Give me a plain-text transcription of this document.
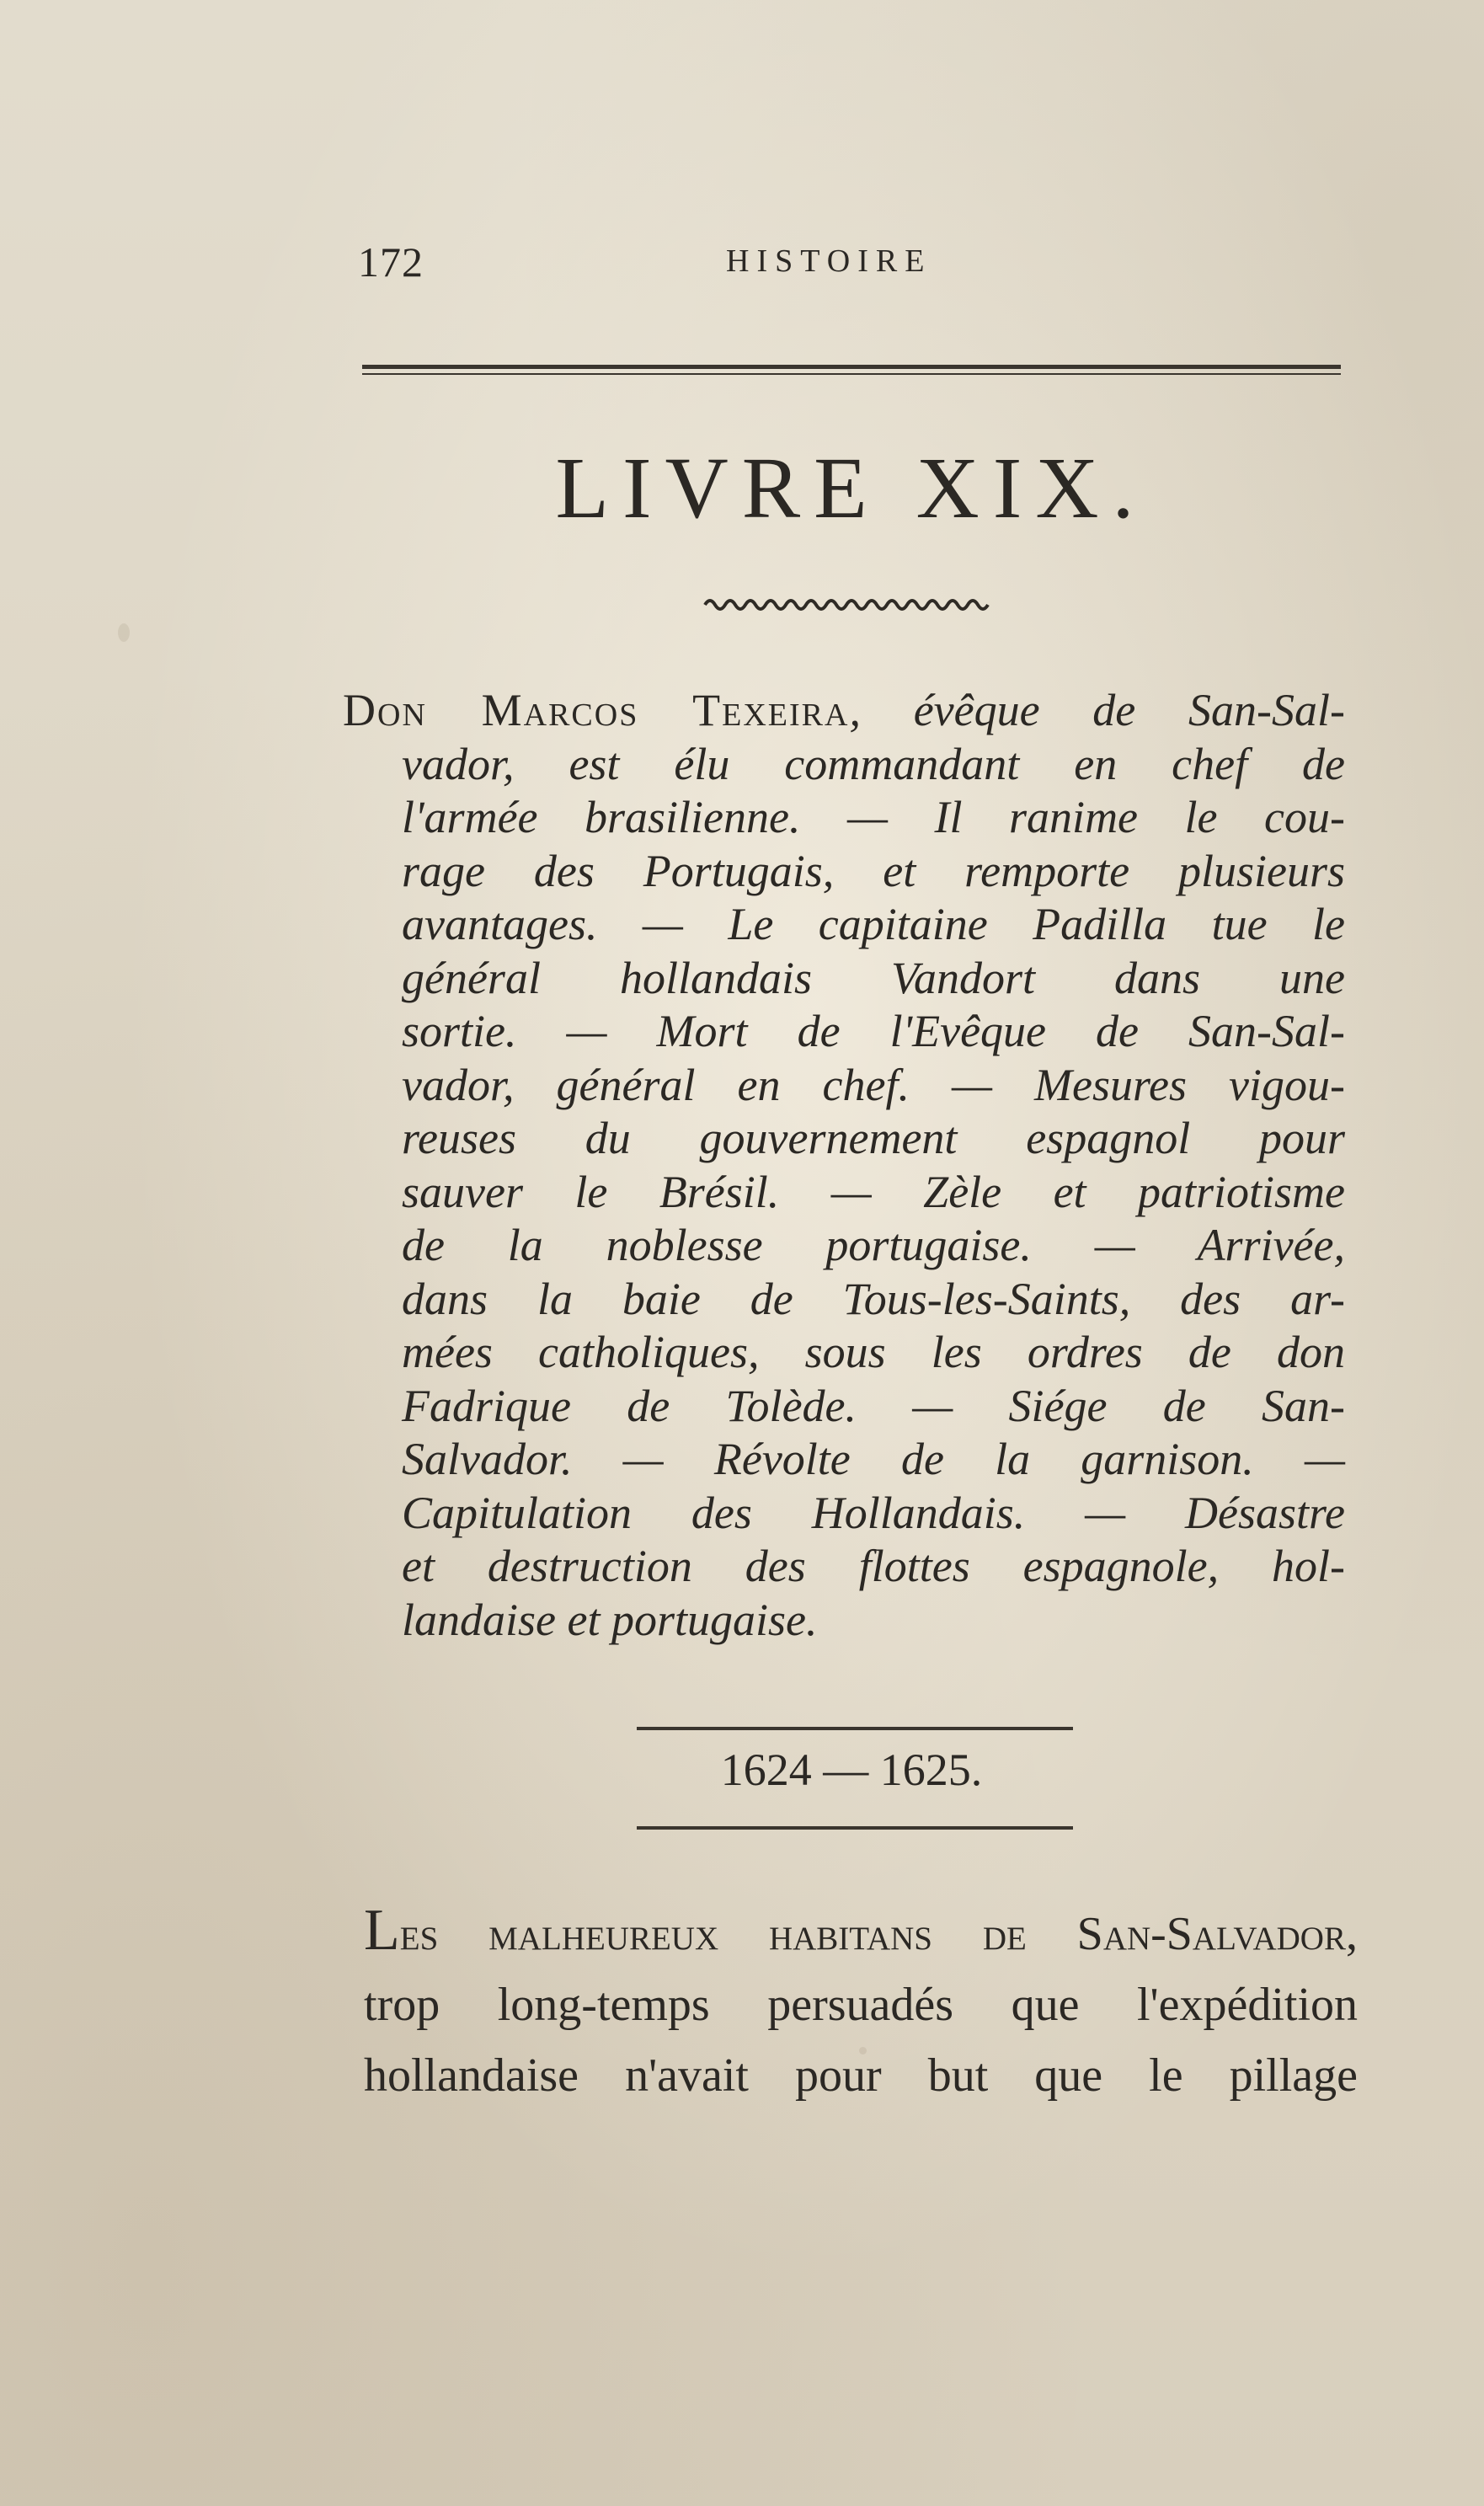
172	HISTOIRE
LIVRE XIX.
Don Marcos Texeira, évêque de San-Sal-
vador, est élu commandant en chef de
l'armée brasilienne. — Il ranime le cou-
rage des Portugais, et remporte plusieurs
avantages. — Le capitaine Padilla tue le
général hollandais Vandort dans une
sortie. — Mort de l'Evêque de San-Sal-
vador, général en chef. — Mesures vigou-
reuses du gouvernement espagnol pour
sauver le Brésil. — Zèle et patriotisme
de la noblesse portugaise. — Arrivée,
dans la baie de Tous-les-Saints, des ar-
mées catholiques, sous les ordres de don
Fadrique de Tolède. — Siége de San-
Salvador. — Révolte de la garnison. —
Capitulation des Hollandais. — Désastre
et destruction des flottes espagnole, hol-
landaise et portugaise.
1624 — 1625.
Les malheureux habitans de San-Salvador,
trop long-temps persuadés que l'expédition
hollandaise n'avait pour but que le pillage
